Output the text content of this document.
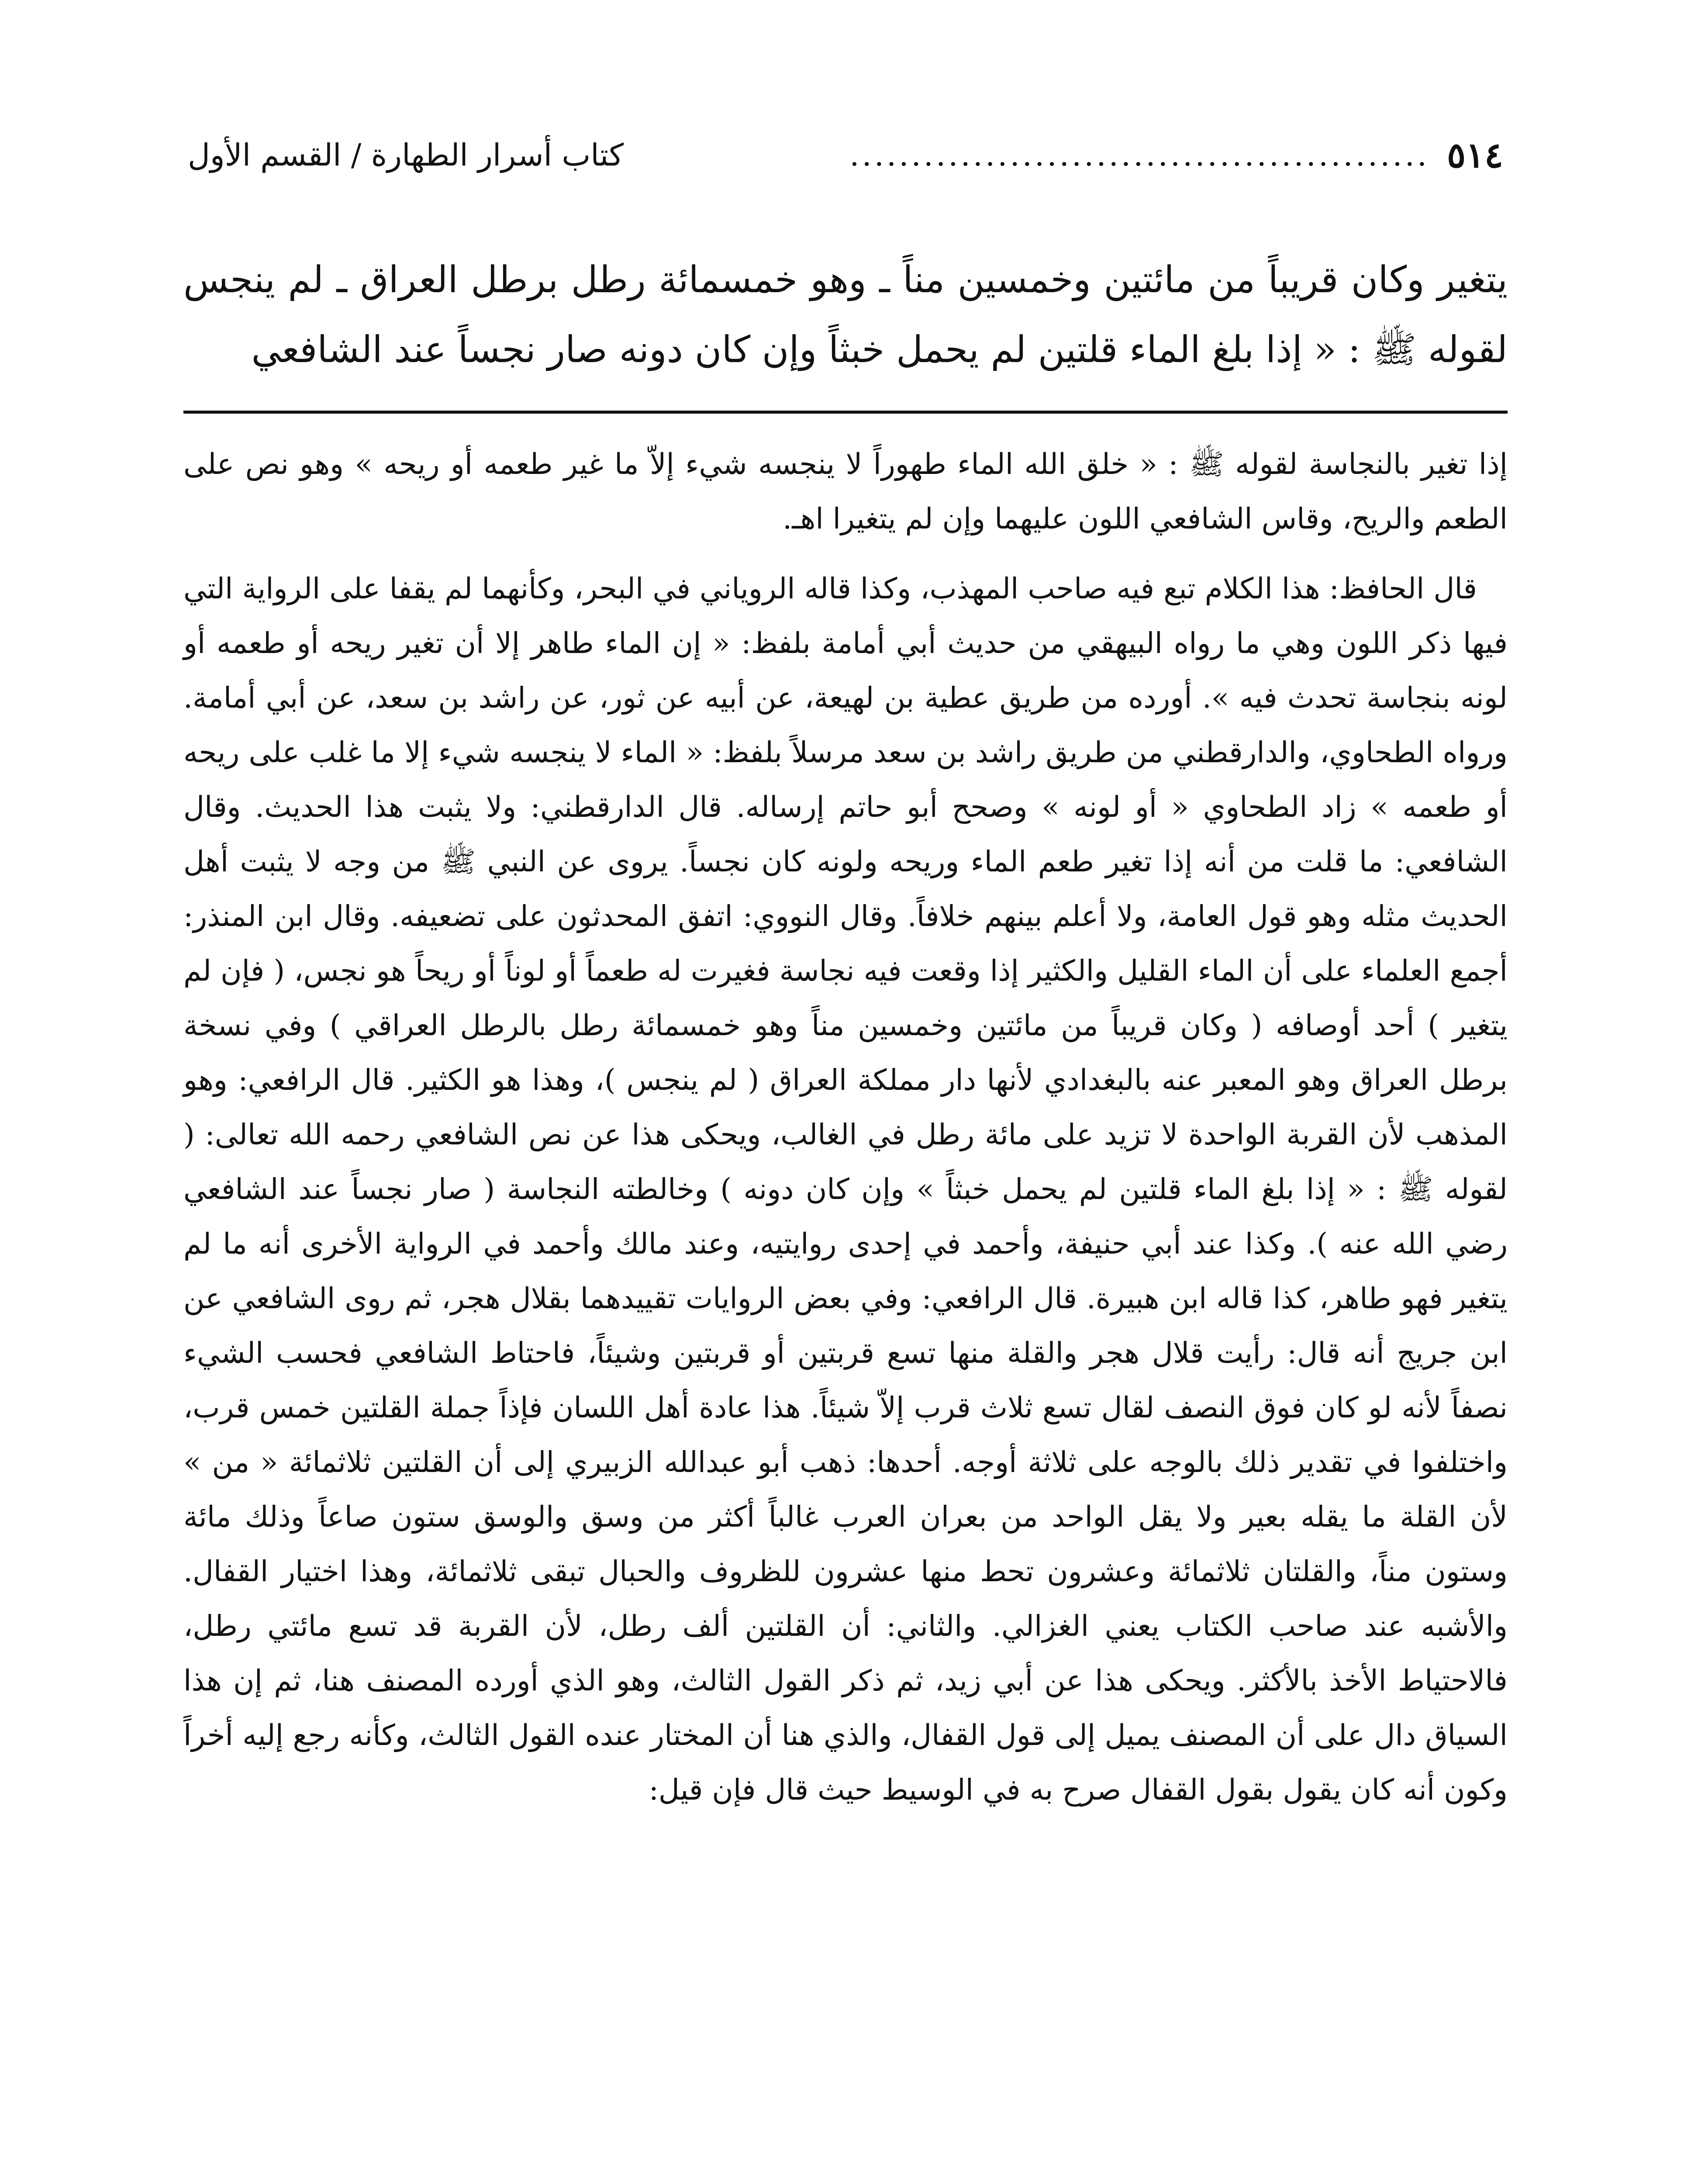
٥١٤
...............................................
كتاب أسرار الطهارة / القسم الأول

يتغير وكان قريباً من مائتين وخمسين مناً ـ وهو خمسمائة رطل برطل العراق ـ لم ينجس لقوله ﷺ : « إذا بلغ الماء قلتين لم يحمل خبثاً وإن كان دونه صار نجساً عند الشافعي

إذا تغير بالنجاسة لقوله ﷺ : « خلق الله الماء طهوراً لا ينجسه شيء إلاّ ما غير طعمه أو ريحه » وهو نص على الطعم والريح، وقاس الشافعي اللون عليهما وإن لم يتغيرا اهـ.

قال الحافظ: هذا الكلام تبع فيه صاحب المهذب، وكذا قاله الروياني في البحر، وكأنهما لم يقفا على الرواية التي فيها ذكر اللون وهي ما رواه البيهقي من حديث أبي أمامة بلفظ: « إن الماء طاهر إلا أن تغير ريحه أو طعمه أو لونه بنجاسة تحدث فيه ». أورده من طريق عطية بن لهيعة، عن أبيه عن ثور، عن راشد بن سعد، عن أبي أمامة. ورواه الطحاوي، والدارقطني من طريق راشد بن سعد مرسلاً بلفظ: « الماء لا ينجسه شيء إلا ما غلب على ريحه أو طعمه » زاد الطحاوي « أو لونه » وصحح أبو حاتم إرساله. قال الدارقطني: ولا يثبت هذا الحديث. وقال الشافعي: ما قلت من أنه إذا تغير طعم الماء وريحه ولونه كان نجساً. يروى عن النبي ﷺ من وجه لا يثبت أهل الحديث مثله وهو قول العامة، ولا أعلم بينهم خلافاً. وقال النووي: اتفق المحدثون على تضعيفه. وقال ابن المنذر: أجمع العلماء على أن الماء القليل والكثير إذا وقعت فيه نجاسة فغيرت له طعماً أو لوناً أو ريحاً هو نجس، ( فإن لم يتغير ) أحد أوصافه ( وكان قريباً من مائتين وخمسين مناً وهو خمسمائة رطل بالرطل العراقي ) وفي نسخة برطل العراق وهو المعبر عنه بالبغدادي لأنها دار مملكة العراق ( لم ينجس )، وهذا هو الكثير. قال الرافعي: وهو المذهب لأن القربة الواحدة لا تزيد على مائة رطل في الغالب، ويحكى هذا عن نص الشافعي رحمه الله تعالى: ( لقوله ﷺ : « إذا بلغ الماء قلتين لم يحمل خبثاً » وإن كان دونه ) وخالطته النجاسة ( صار نجساً عند الشافعي رضي الله عنه ). وكذا عند أبي حنيفة، وأحمد في إحدى روايتيه، وعند مالك وأحمد في الرواية الأخرى أنه ما لم يتغير فهو طاهر، كذا قاله ابن هبيرة. قال الرافعي: وفي بعض الروايات تقييدهما بقلال هجر، ثم روى الشافعي عن ابن جريج أنه قال: رأيت قلال هجر والقلة منها تسع قربتين أو قربتين وشيئاً، فاحتاط الشافعي فحسب الشيء نصفاً لأنه لو كان فوق النصف لقال تسع ثلاث قرب إلاّ شيئاً. هذا عادة أهل اللسان فإذاً جملة القلتين خمس قرب، واختلفوا في تقدير ذلك بالوجه على ثلاثة أوجه. أحدها: ذهب أبو عبدالله الزبيري إلى أن القلتين ثلاثمائة « من » لأن القلة ما يقله بعير ولا يقل الواحد من بعران العرب غالباً أكثر من وسق والوسق ستون صاعاً وذلك مائة وستون مناً، والقلتان ثلاثمائة وعشرون تحط منها عشرون للظروف والحبال تبقى ثلاثمائة، وهذا اختيار القفال. والأشبه عند صاحب الكتاب يعني الغزالي. والثاني: أن القلتين ألف رطل، لأن القربة قد تسع مائتي رطل، فالاحتياط الأخذ بالأكثر. ويحكى هذا عن أبي زيد، ثم ذكر القول الثالث، وهو الذي أورده المصنف هنا، ثم إن هذا السياق دال على أن المصنف يميل إلى قول القفال، والذي هنا أن المختار عنده القول الثالث، وكأنه رجع إليه أخراً وكون أنه كان يقول بقول القفال صرح به في الوسيط حيث قال فإن قيل:
